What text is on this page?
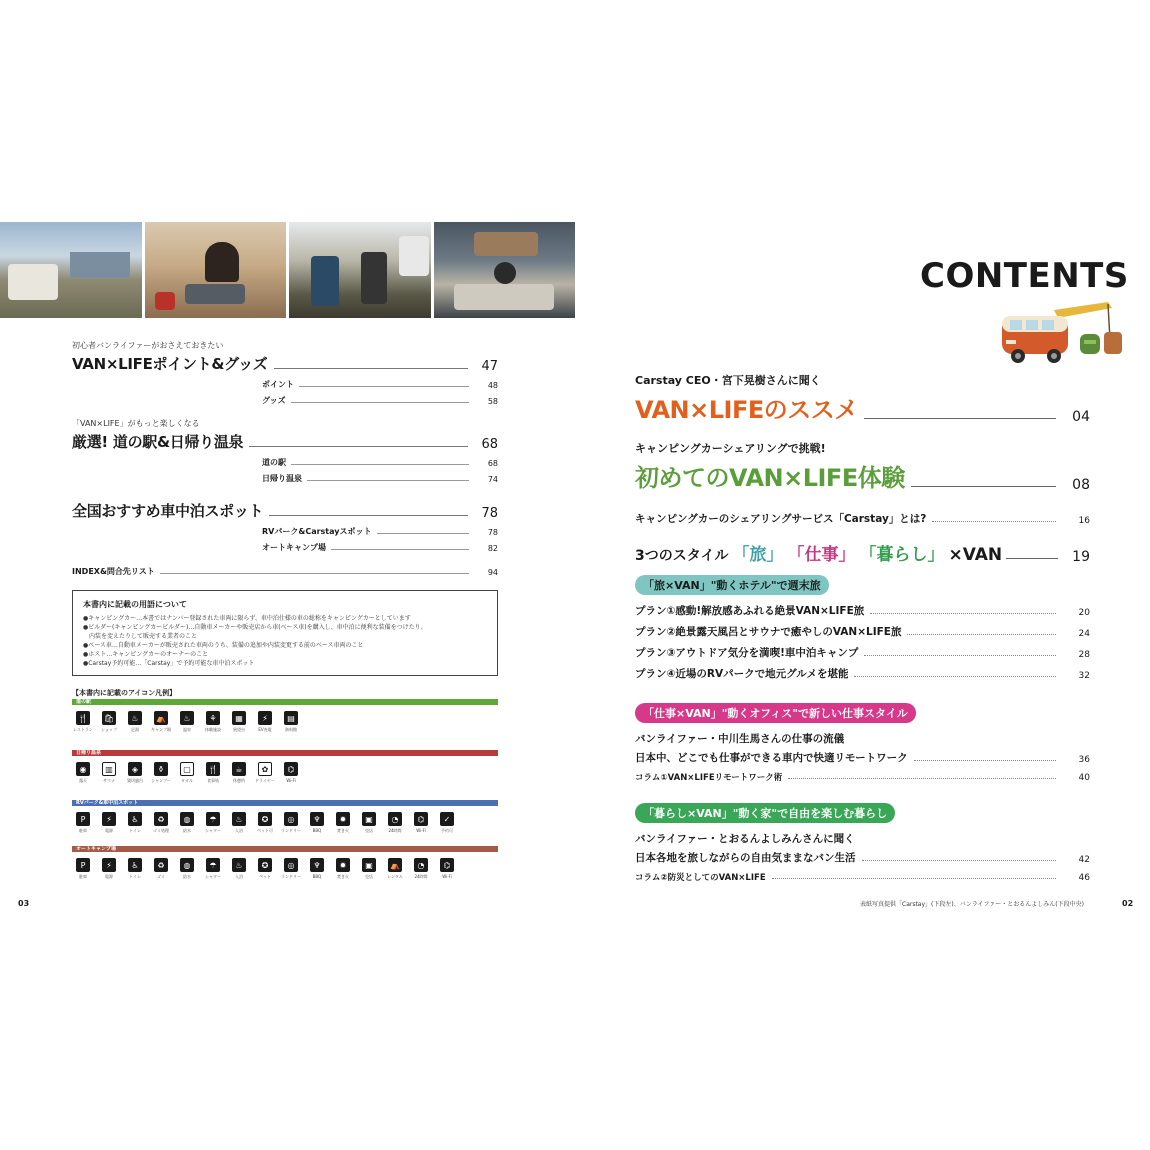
初心者バンライファーがおさえておきたい
VAN×LIFEポイント&グッズ	47
ポイント	48
グッズ	58
「VAN×LIFE」がもっと楽しくなる
厳選! 道の駅&日帰り温泉	68
道の駅	68
日帰り温泉	74
全国おすすめ車中泊スポット	78
RVパーク&Carstayスポット	78
オートキャンプ場	82
INDEX&問合先リスト	94
本書内に記載の用語について
●キャンピングカー…本書ではナンバー登録された車両に限らず、車中泊仕様の車の総称をキャンピングカーとしています
●ビルダー(キャンピングカービルダー)…自動車メーカーや販売店から車(ベース車)を購入し、車中泊に便利な装備をつけたり、
　内装を変えたりして販売する業者のこと
●ベース車…自動車メーカーが販売された車両のうち、装備の追加や内装変更する前のベース車両のこと
●ホスト…キャンピングカーのオーナーのこと
●Carstay予約可能…「Carstay」で予約可能な車中泊スポット
【本書内に記載のアイコン凡例】
道の駅
🍴
レストラン
🛍
ショップ
♨
足湯
⛺
キャンプ場
♨
温泉
⚘
体験施設
▦
展望台
⚡
EV充電
▤
資料館
日帰り温泉
◉
露天
▥
サウナ
◈
貸切風呂
⚱
シャンプー
▢
タオル
🍴
食事処
☕
休憩所
✿
ドライヤー
⌬
Wi-Fi
RVパーク&車中泊スポット
P
駐車
⚡
電源
♿
トイレ
♻
ゴミ処理
◍
給水
☂
シャワー
♨
入浴
✪
ペット可
◎
ランドリー
♆
BBQ
✹
焚き火
▣
売店
◔
24時間
⌬
Wi-Fi
✓
予約可
オートキャンプ場
P
駐車
⚡
電源
♿
トイレ
♻
ゴミ
◍
給水
☂
シャワー
♨
入浴
✪
ペット
◎
ランドリー
♆
BBQ
✹
焚き火
▣
売店
⛺
レンタル
◔
24時間
⌬
Wi-Fi
03
CONTENTS
Carstay CEO・宮下晃樹さんに聞く
VAN×LIFEのススメ	04
キャンピングカーシェアリングで挑戦!
初めてのVAN×LIFE体験	08
キャンピングカーのシェアリングサービス「Carstay」とは?	16
3つのスタイル 「旅」 「仕事」 「暮らし」 ×VAN	19
「旅×VAN」"動くホテル"で週末旅
プラン①感動!解放感あふれる絶景VAN×LIFE旅	20
プラン②絶景露天風呂とサウナで癒やしのVAN×LIFE旅	24
プラン③アウトドア気分を満喫!車中泊キャンプ	28
プラン④近場のRVパークで地元グルメを堪能	32
「仕事×VAN」"動くオフィス"で新しい仕事スタイル
バンライファー・中川生馬さんの仕事の流儀
日本中、どこでも仕事ができる車内で快適リモートワーク	36
コラム①VAN×LIFEリモートワーク術	40
「暮らし×VAN」"動く家"で自由を楽しむ暮らし
バンライファー・とおるんよしみんさんに聞く
日本各地を旅しながらの自由気ままなバン生活	42
コラム②防災としてのVAN×LIFE	46
表紙写真提供「Carstay」(下段左)、バンライファー・とおるんよしみん(下段中央)	02
